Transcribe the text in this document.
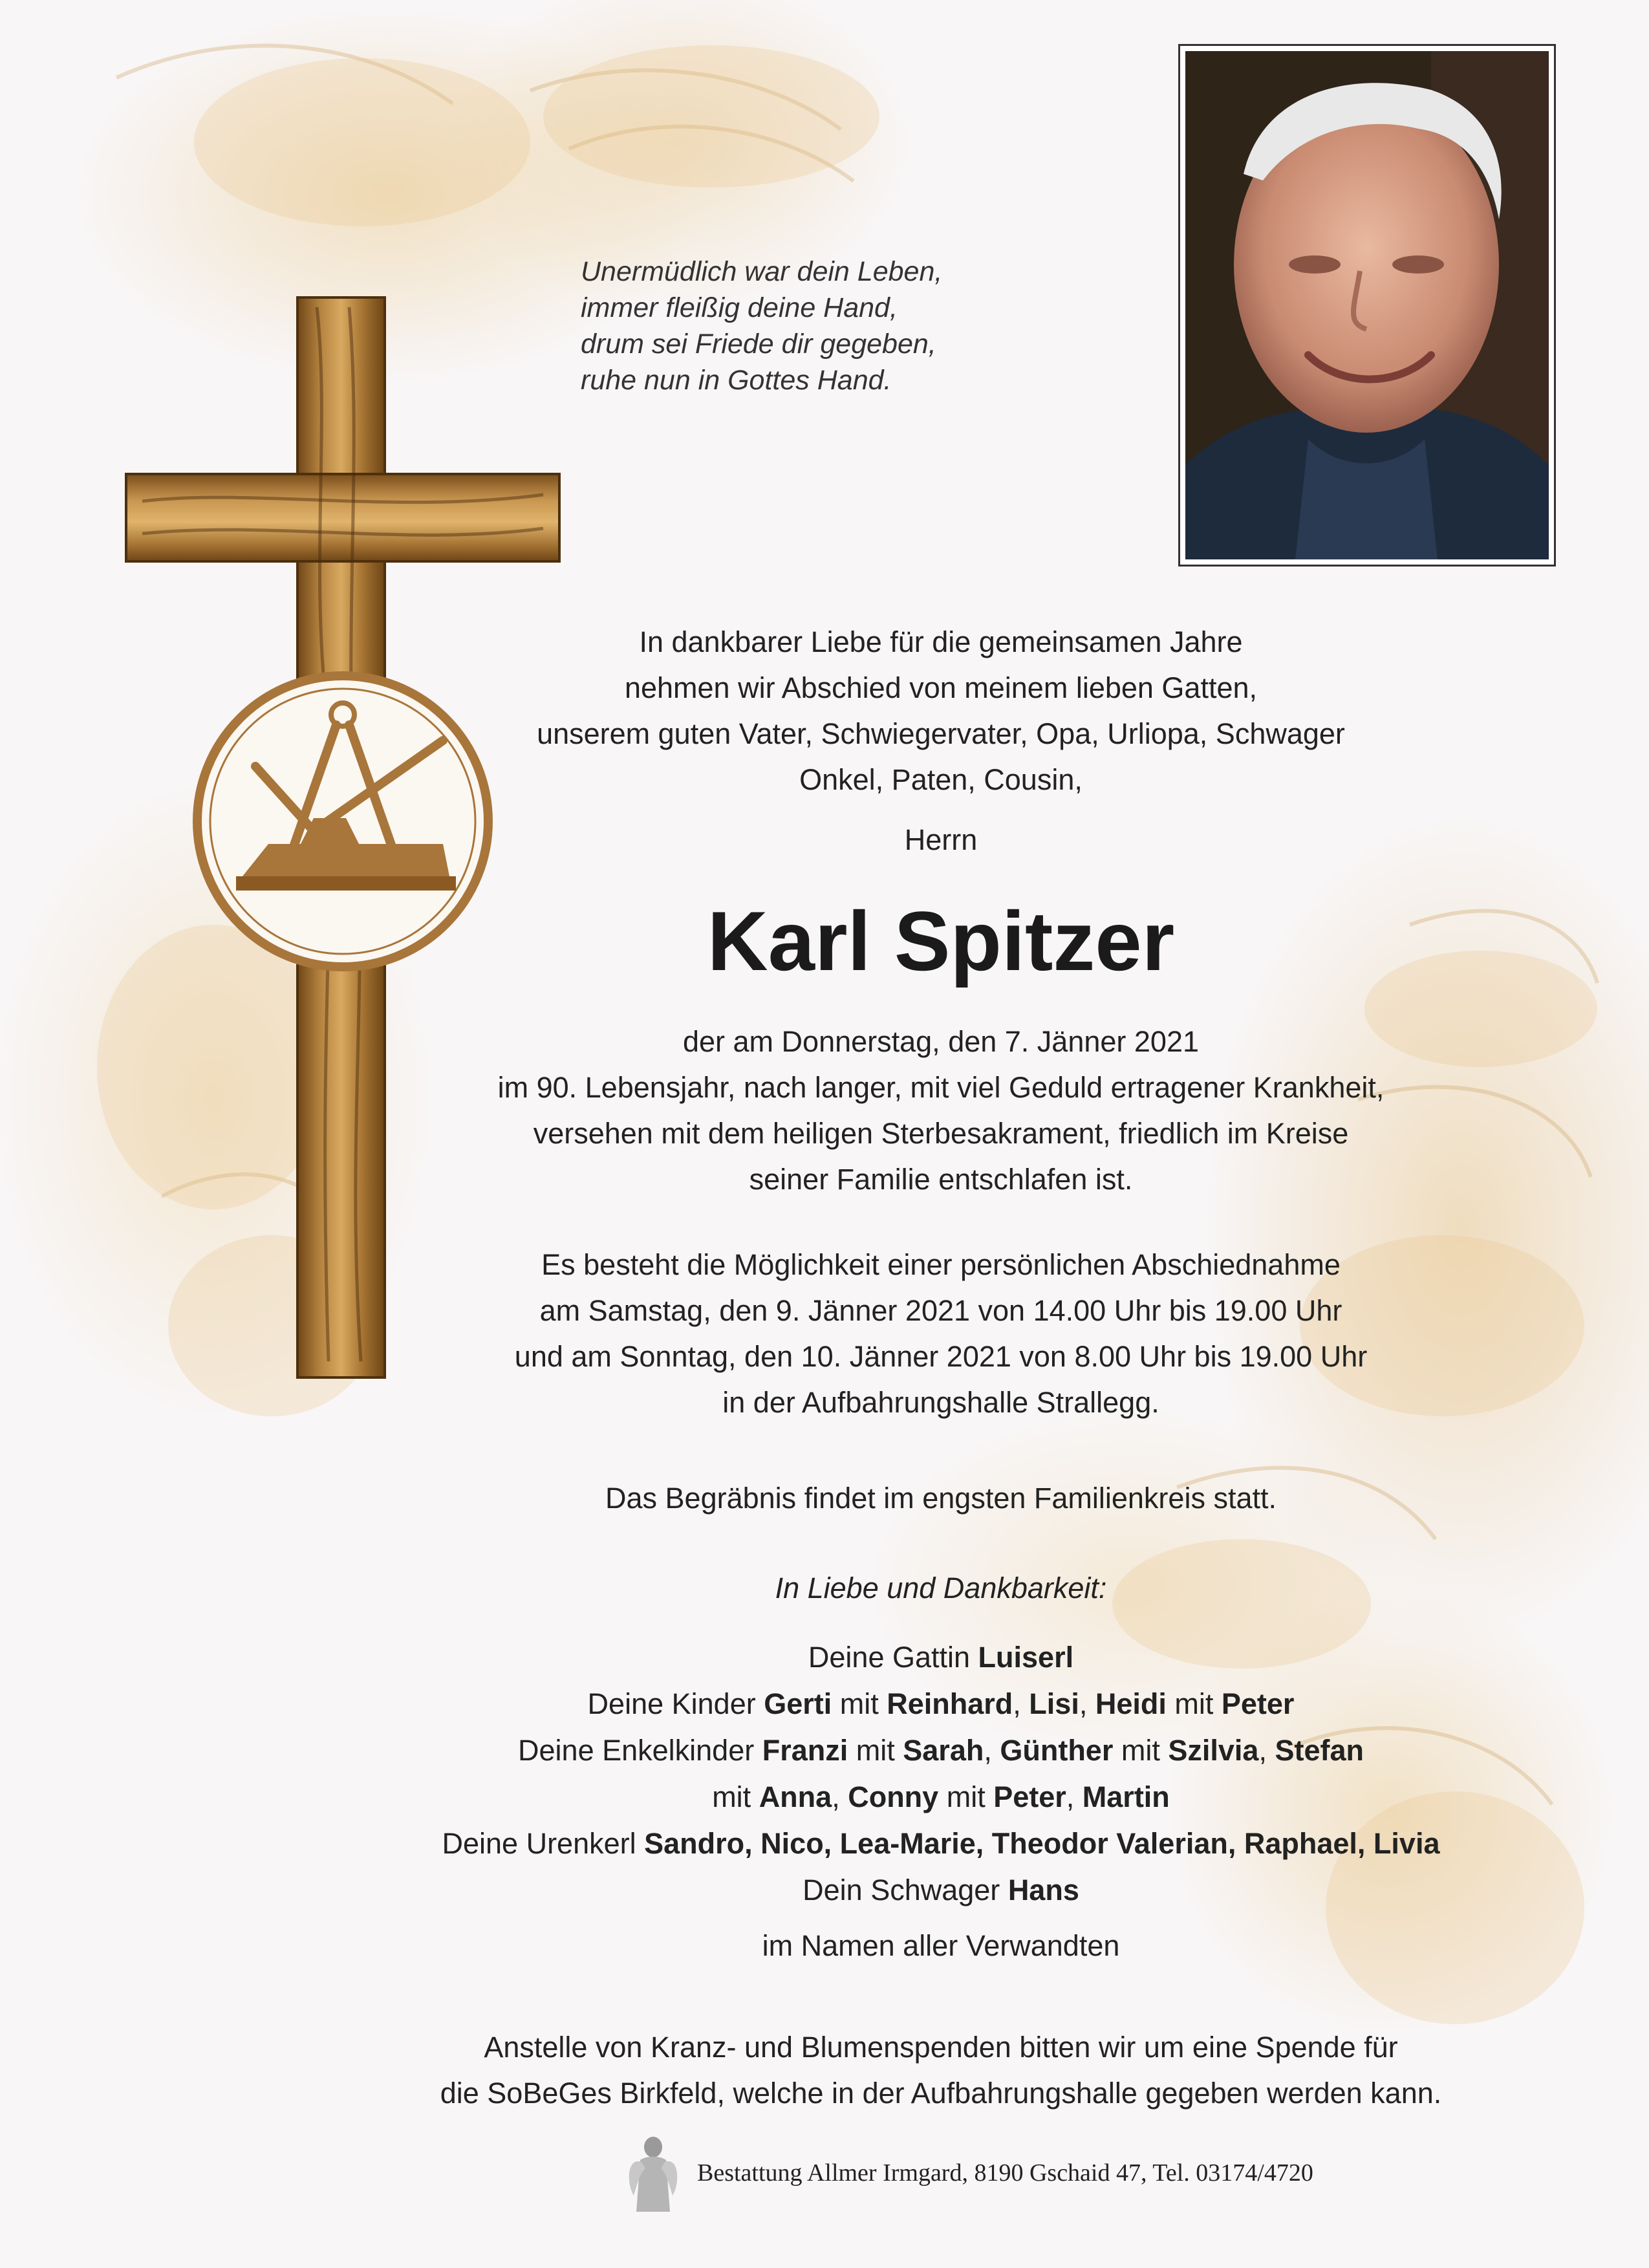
Unermüdlich war dein Leben,
immer fleißig deine Hand,
drum sei Friede dir gegeben,
ruhe nun in Gottes Hand.
In dankbarer Liebe für die gemeinsamen Jahre
nehmen wir Abschied von meinem lieben Gatten,
unserem guten Vater, Schwiegervater, Opa, Urliopa, Schwager
Onkel, Paten, Cousin,
Herrn
Karl Spitzer
der am Donnerstag, den 7. Jänner 2021
im 90. Lebensjahr, nach langer, mit viel Geduld ertragener Krankheit,
versehen mit dem heiligen Sterbesakrament, friedlich im Kreise
seiner Familie entschlafen ist.
Es besteht die Möglichkeit einer persönlichen Abschiednahme
am Samstag, den 9. Jänner 2021 von 14.00 Uhr bis 19.00 Uhr
und am Sonntag, den 10. Jänner 2021 von 8.00 Uhr bis 19.00 Uhr
in der Aufbahrungshalle Strallegg.
Das Begräbnis findet im engsten Familienkreis statt.
In Liebe und Dankbarkeit:
Deine Gattin Luiserl
Deine Kinder Gerti mit Reinhard, Lisi, Heidi mit Peter
Deine Enkelkinder Franzi mit Sarah, Günther mit Szilvia, Stefan
mit Anna, Conny mit Peter, Martin
Deine Urenkerl Sandro, Nico, Lea-Marie, Theodor Valerian, Raphael, Livia
Dein Schwager Hans
im Namen aller Verwandten
Anstelle von Kranz- und Blumenspenden bitten wir um eine Spende für
die SoBeGes Birkfeld, welche in der Aufbahrungshalle gegeben werden kann.
Bestattung Allmer Irmgard, 8190 Gschaid 47, Tel. 03174/4720
